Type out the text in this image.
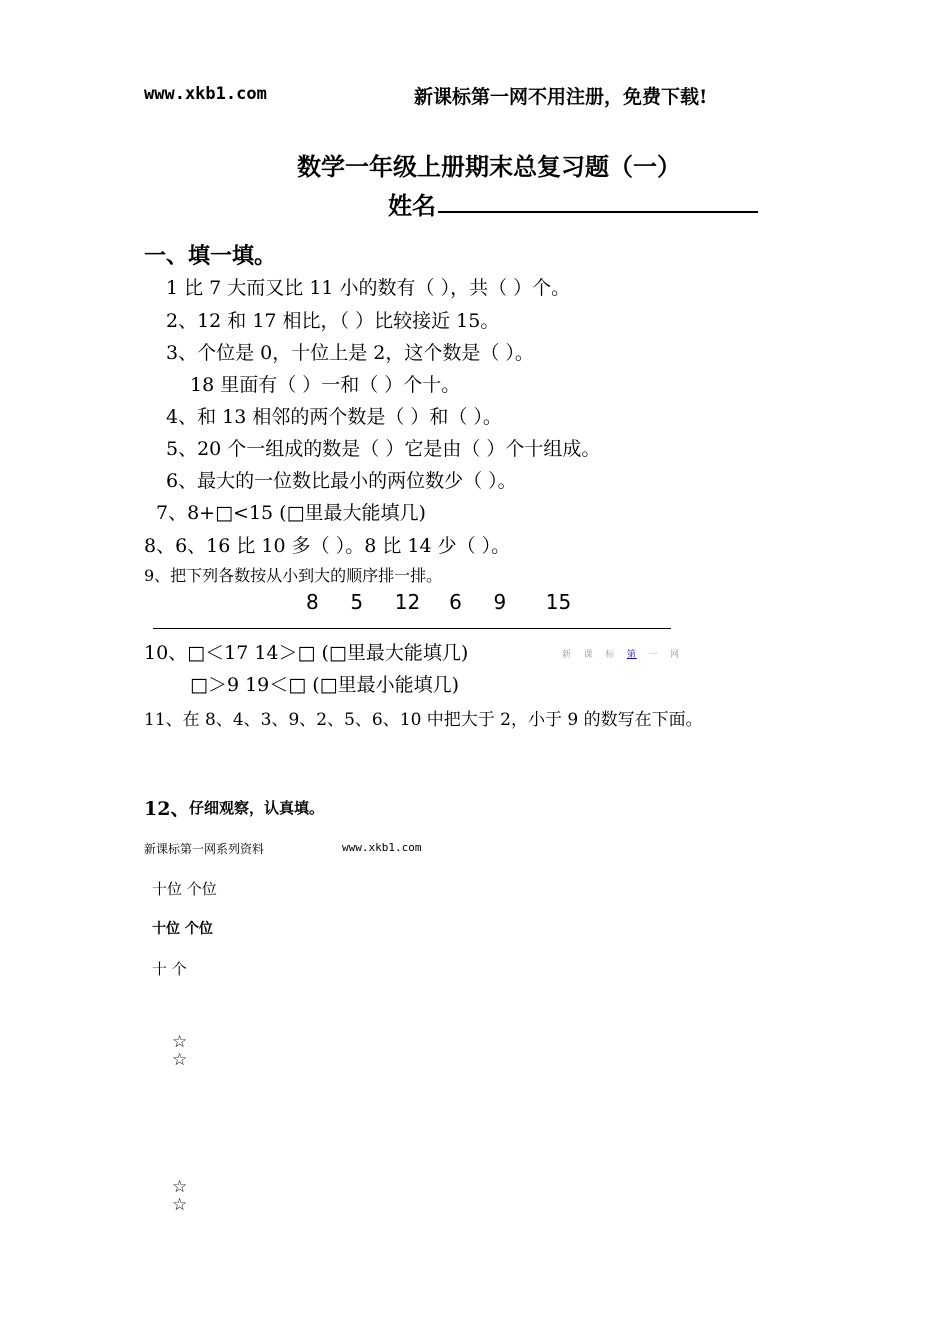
www.xkb1.com	新课标第一网不用注册，免费下载!
数学一年级上册期末总复习题（一）
姓名
一、填一填。
1 比 7 大而又比 11 小的数有（ ），共（ ）个。
2、12 和 17 相比，（ ）比较接近 15。
3、个位是 0，十位上是 2，这个数是（ ）。
18 里面有（ ）一和（ ）个十。
4、和 13 相邻的两个数是（ ）和（ ）。
5、20 个一组成的数是（ ）它是由（ ）个十组成。
6、最大的一位数比最小的两位数少（ ）。
7、8+□<15 (□里最大能填几)
8、6、16 比 10 多（ ）。8 比 14 少（ ）。
9、把下列各数按从小到大的顺序排一排。
8 5 12 6 9 15
10、□＜17 14＞□ (□里最大能填几)	新 课 标 第 一 网
□＞9 19＜□ (□里最小能填几)
11、在 8、4、3、9、2、5、6、10 中把大于 2，小于 9 的数写在下面。
12、 仔细观察，认真填。
新课标第一网系列资料	www.xkb1.com
十位 个位
十位 个位
十 个
☆
☆
☆
☆
